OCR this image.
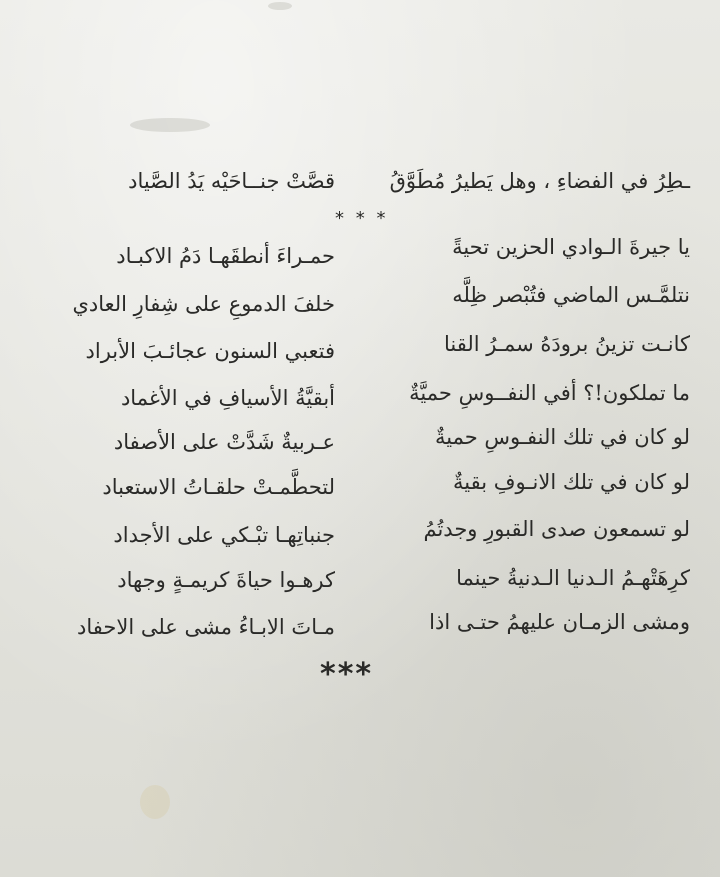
ـطِرُ في الفضاءِ ، وهل يَطيرُ مُطَوَّقُ
قصَّتْ جنــاحَيْه يَدُ الصَّياد
* * *
يا جيرةَ الـوادي الحزين تحيةً
حمـراءَ أنطقَهـا دَمُ الاكبـاد
نتلمَّـس الماضي فتُبْصر ظِلَّه
خلفَ الدموعِ على شِفارِ العادي
كانـت تزينُ برودَهُ سمـرُ القنا
فتعبي السنون عجائـبَ الأبراد
ما تملكون!؟ أفي النفــوسِ حميَّةٌ
أبقيَّةُ الأسيافِ في الأغماد
لو كان في تلك النفـوسِ حميةٌ
عـربيةٌ شَدَّتْ على الأصفاد
لو كان في تلك الانـوفِ بقيةٌ
لتحطَّمـتْ حلقـاتُ الاستعباد
لو تسمعون صدى القبورِ وجدتُمُ
جنباتِهـا تبْـكي على الأجداد
كرِهَتْهـمُ الـدنيا الـدنيةُ حينما
كرهـوا حياةَ كريمـةٍ وجهاد
ومشى الزمـان عليهمُ حتـى اذا
مـاتَ الابـاءُ مشى على الاحفاد
***
